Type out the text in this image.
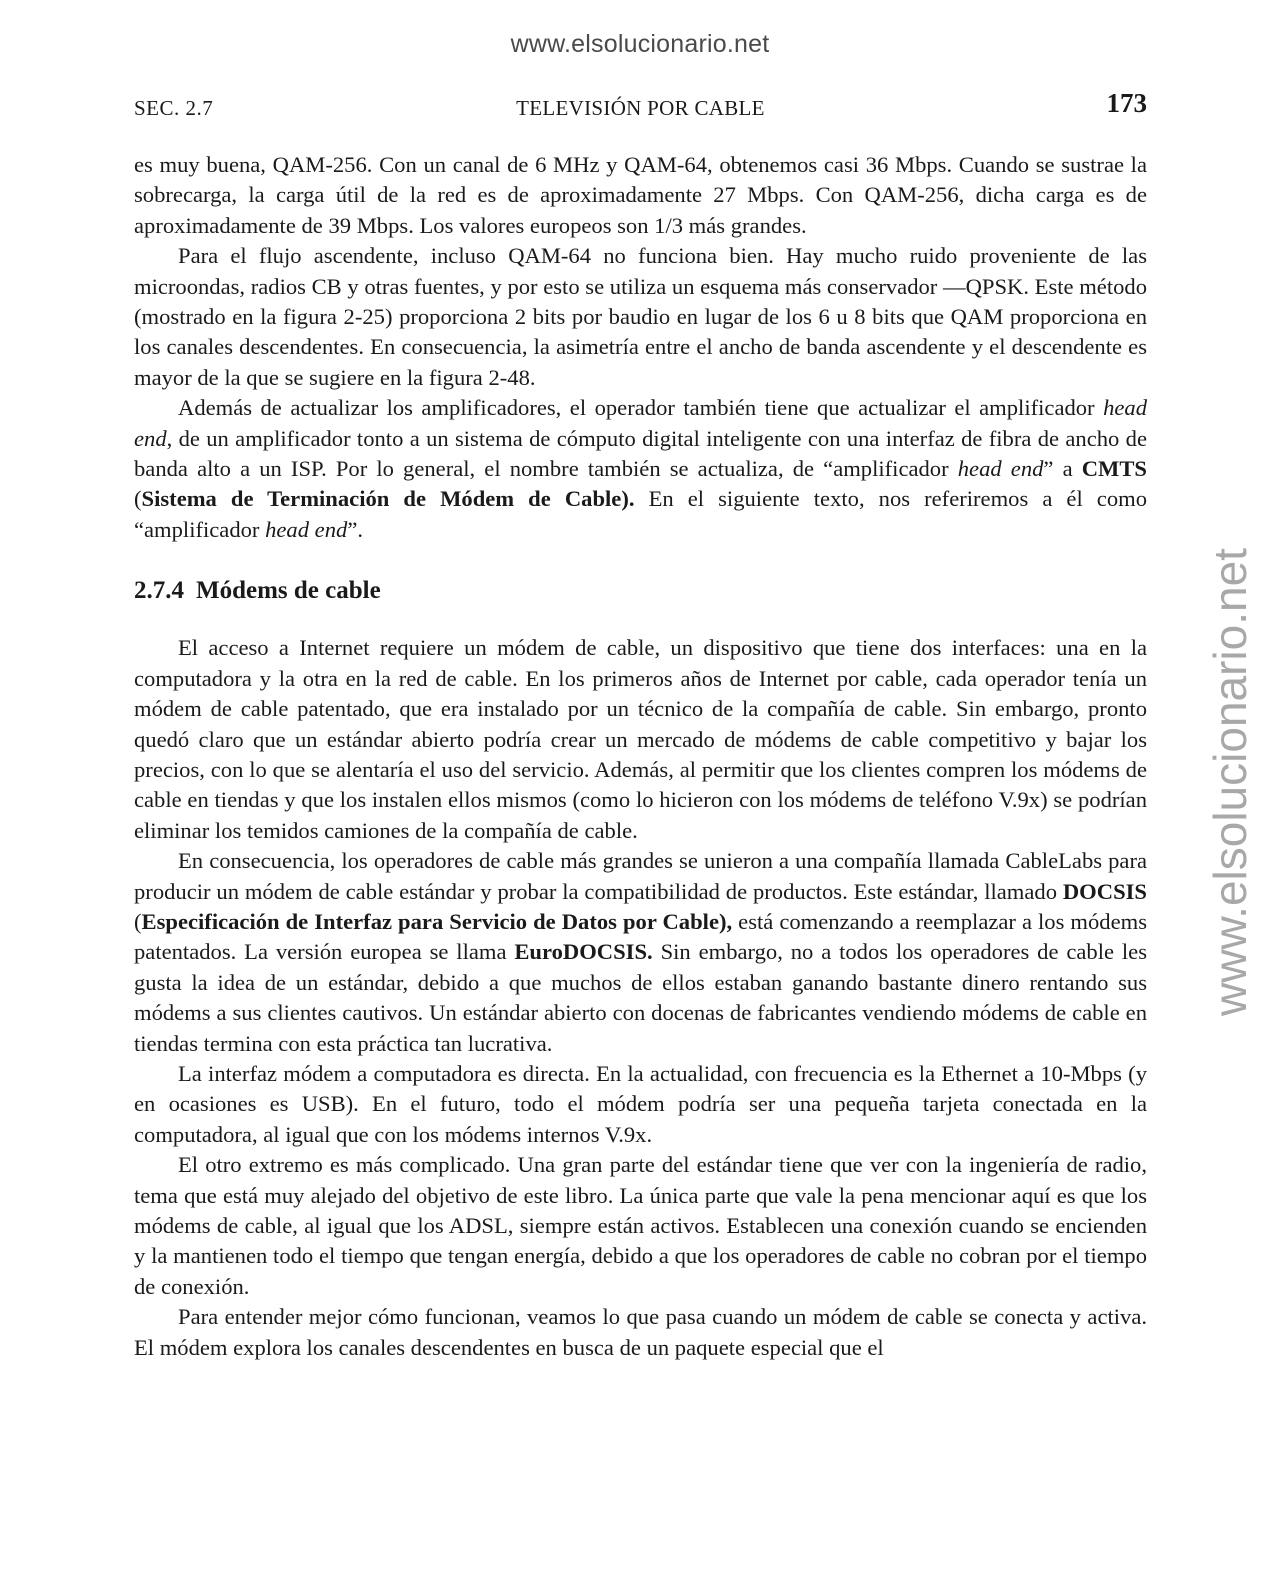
www.elsolucionario.net
www.elsolucionario.net
SEC. 2.7	TELEVISIÓN POR CABLE	173

es muy buena, QAM-256. Con un canal de 6 MHz y QAM-64, obtenemos casi 36 Mbps. Cuando se sustrae la sobrecarga, la carga útil de la red es de aproximadamente 27 Mbps. Con QAM-256, dicha carga es de aproximadamente de 39 Mbps. Los valores europeos son 1/3 más grandes.

Para el flujo ascendente, incluso QAM-64 no funciona bien. Hay mucho ruido proveniente de las microondas, radios CB y otras fuentes, y por esto se utiliza un esquema más conservador —QPSK. Este método (mostrado en la figura 2-25) proporciona 2 bits por baudio en lugar de los 6 u 8 bits que QAM proporciona en los canales descendentes. En consecuencia, la asimetría entre el ancho de banda ascendente y el descendente es mayor de la que se sugiere en la figura 2-48.

Además de actualizar los amplificadores, el operador también tiene que actualizar el amplificador head end, de un amplificador tonto a un sistema de cómputo digital inteligente con una interfaz de fibra de ancho de banda alto a un ISP. Por lo general, el nombre también se actualiza, de “amplificador head end” a CMTS (Sistema de Terminación de Módem de Cable). En el siguiente texto, nos referiremos a él como “amplificador head end”.

2.7.4 Módems de cable

El acceso a Internet requiere un módem de cable, un dispositivo que tiene dos interfaces: una en la computadora y la otra en la red de cable. En los primeros años de Internet por cable, cada operador tenía un módem de cable patentado, que era instalado por un técnico de la compañía de cable. Sin embargo, pronto quedó claro que un estándar abierto podría crear un mercado de módems de cable competitivo y bajar los precios, con lo que se alentaría el uso del servicio. Además, al permitir que los clientes compren los módems de cable en tiendas y que los instalen ellos mismos (como lo hicieron con los módems de teléfono V.9x) se podrían eliminar los temidos camiones de la compañía de cable.

En consecuencia, los operadores de cable más grandes se unieron a una compañía llamada CableLabs para producir un módem de cable estándar y probar la compatibilidad de productos. Este estándar, llamado DOCSIS (Especificación de Interfaz para Servicio de Datos por Cable), está comenzando a reemplazar a los módems patentados. La versión europea se llama EuroDOCSIS. Sin embargo, no a todos los operadores de cable les gusta la idea de un estándar, debido a que muchos de ellos estaban ganando bastante dinero rentando sus módems a sus clientes cautivos. Un estándar abierto con docenas de fabricantes vendiendo módems de cable en tiendas termina con esta práctica tan lucrativa.

La interfaz módem a computadora es directa. En la actualidad, con frecuencia es la Ethernet a 10-Mbps (y en ocasiones es USB). En el futuro, todo el módem podría ser una pequeña tarjeta conectada en la computadora, al igual que con los módems internos V.9x.

El otro extremo es más complicado. Una gran parte del estándar tiene que ver con la ingeniería de radio, tema que está muy alejado del objetivo de este libro. La única parte que vale la pena mencionar aquí es que los módems de cable, al igual que los ADSL, siempre están activos. Establecen una conexión cuando se encienden y la mantienen todo el tiempo que tengan energía, debido a que los operadores de cable no cobran por el tiempo de conexión.

Para entender mejor cómo funcionan, veamos lo que pasa cuando un módem de cable se conecta y activa. El módem explora los canales descendentes en busca de un paquete especial que el
